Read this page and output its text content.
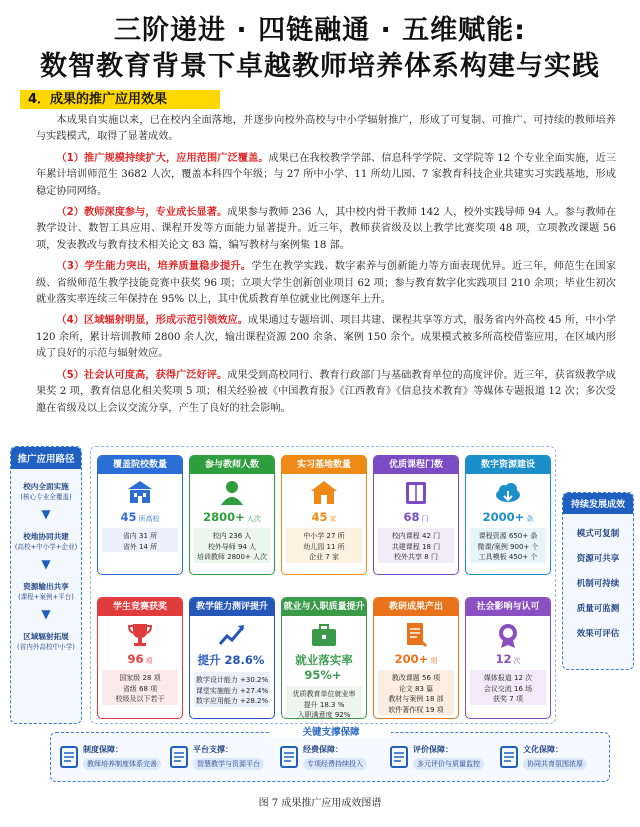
三阶递进 · 四链融通 · 五维赋能:
数智教育背景下卓越教师培养体系构建与实践
4．成果的推广应用效果

本成果自实施以来，已在校内全面落地，并逐步向校外高校与中小学辐射推广，形成了可复制、可推广、可持续的教师培养与实践模式，取得了显著成效。

（1）推广规模持续扩大，应用范围广泛覆盖。成果已在我校教学学部、信息科学学院、文学院等 12 个专业全面实施，近三年累计培训师范生 3682 人次，覆盖本科四个年级；与 27 所中小学、11 所幼儿园、7 家教育科技企业共建实习实践基地，形成稳定协同网络。

（2）教师深度参与，专业成长显著。成果参与教师 236 人，其中校内骨干教师 142 人，校外实践导师 94 人。参与教师在教学设计、数智工具应用、课程开发等方面能力显著提升。近三年，教师获省级及以上教学比赛奖项 48 项，立项教改课题 56 项，发表教改与教育技术相关论文 83 篇，编写教材与案例集 18 部。

（3）学生能力突出，培养质量稳步提升。学生在教学实践、数字素养与创新能力等方面表现优异。近三年，师范生在国家级、省级师范生教学技能竞赛中获奖 96 项；立项大学生创新创业项目 62 项；参与教育数字化实践项目 210 余项；毕业生初次就业落实率连续三年保持在 95% 以上，其中优质教育单位就业比例逐年上升。

（4）区域辐射明显，形成示范引领效应。成果通过专题培训、项目共建、课程共享等方式，服务省内外高校 45 所，中小学 120 余所，累计培训教师 2800 余人次，输出课程资源 200 余条、案例 150 余个。成果模式被多所高校借鉴应用，在区域内形成了良好的示范与辐射效应。

（5）社会认可度高，获得广泛好评。成果受到高校同行、教育行政部门与基础教育单位的高度评价。近三年，获省级教学成果奖 2 项，教育信息化相关奖项 5 项；相关经验被《中国教育报》《江西教育》《信息技术教育》等媒体专题报道 12 次；多次受邀在省级及以上会议交流分享，产生了良好的社会影响。

推广应用路径
校内全面实施
(核心专业全覆盖)
▼
校地协同共建
(高校+中小学+企业)
▼
资源输出共享
(课程+案例+平台)
▼
区域辐射拓展
(省内外高校中小学)
覆盖院校数量
45 所高校
省内 31 所
省外 14 所
参与教师人数
2800+ 人次
校内 236 人
校外导师 94 人
培训教师 2800+ 人次
实习基地数量
45 家
中小学 27 所
幼儿园 11 所
企业 7 家
优质课程门数
68 门
校内课程 42 门
共建课程 18 门
校外共享 8 门
数字资源建设
2000+ 条
课程资源 650+ 条
微课/案例 900+ 个
工具模板 450+ 个
学生竞赛获奖
96 项
国家级 28 项
省级 68 项
校级及以下若干
教学能力测评提升
提升 28.6%
教学设计能力 +30.2%
课堂实施能力 +27.4%
数字应用能力 +28.2%
就业与入职质量提升
就业落实率 95%+
优质教育单位就业率
提升 18.3 %
入职满意度 92%
教研成果产出
200+ 项
教改课题 56 项
论文 83 篇
教材与案例 18 部
软件著作权 19 项
社会影响与认可
12 次
媒体报道 12 次
会议交流 16 场
获奖 7 项
持续发展成效
模式可复制
资源可共享
机制可持续
质量可监测
效果可评估
关键支撑保障
制度保障：
教师培养制度体系完善
平台支撑：
智慧教学与资源平台
经费保障：
专项经费持续投入
评价保障：
多元评价与质量监控
文化保障：
协同共育氛围浓厚
图 7 成果推广应用成效图谱
